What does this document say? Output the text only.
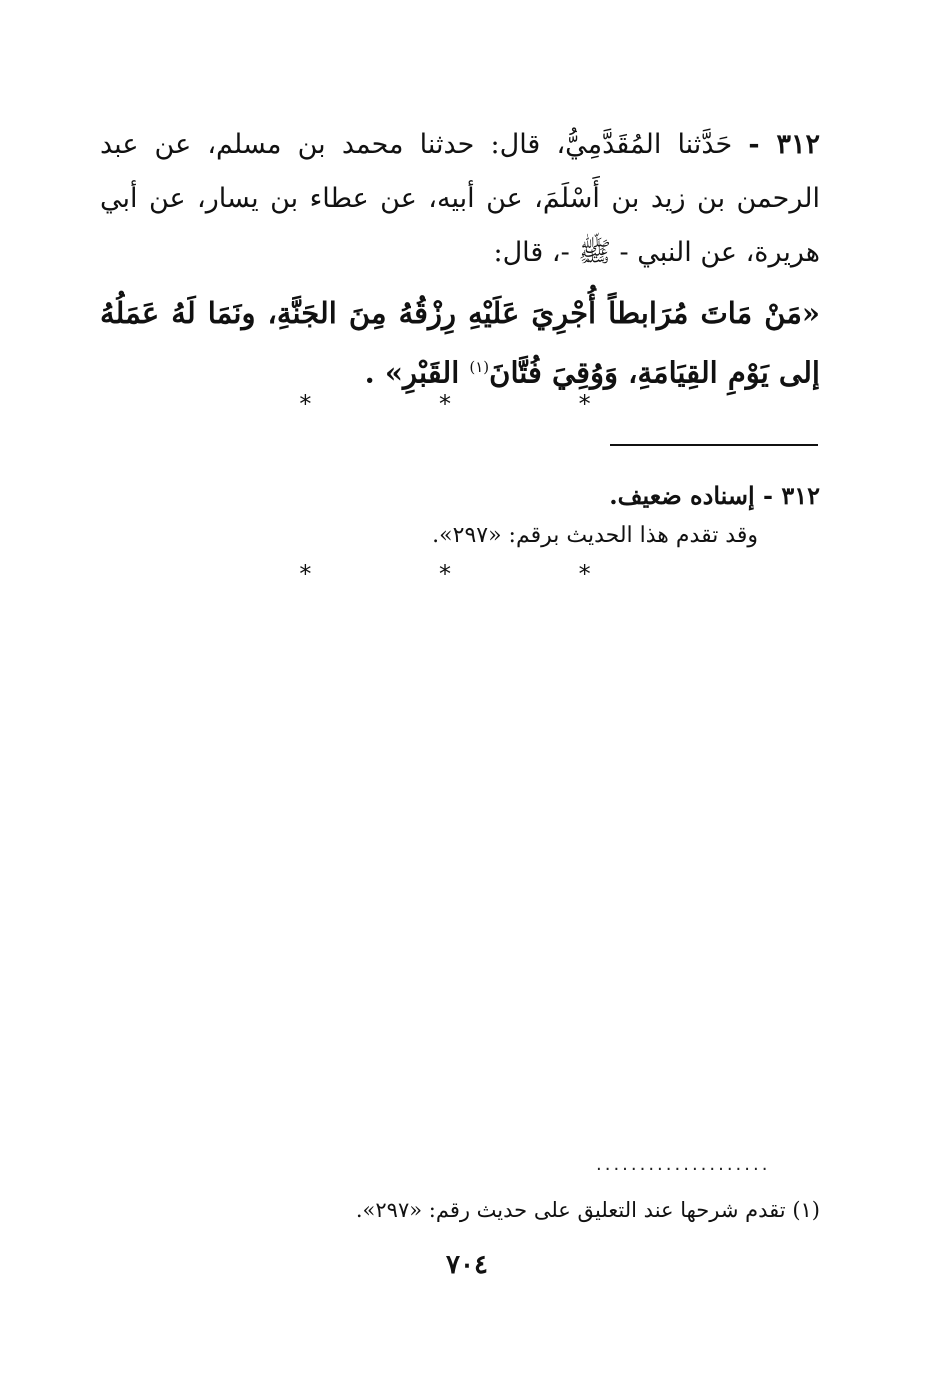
٣١٢ - حَدَّثنا المُقَدَّمِيُّ، قال: حدثنا محمد بن مسلم، عن عبد الرحمن بن زيد بن أَسْلَمَ، عن أبيه، عن عطاء بن يسار، عن أبي هريرة، عن النبي - ﷺ -، قال:
«مَنْ مَاتَ مُرَابطاً أُجْرِيَ عَلَيْهِ رِزْقُهُ مِنَ الجَنَّةِ، ونَمَا لَهُ عَمَلُهُ إلى يَوْمِ القِيَامَةِ، وَوُقِيَ فُتَّانَ$^{(١)}$ القَبْرِ» .
* * *
٣١٢ - إسناده ضعيف.
وقد تقدم هذا الحديث برقم: «٢٩٧».
* * *
....................
(١) تقدم شرحها عند التعليق على حديث رقم: «٢٩٧».
٧٠٤
